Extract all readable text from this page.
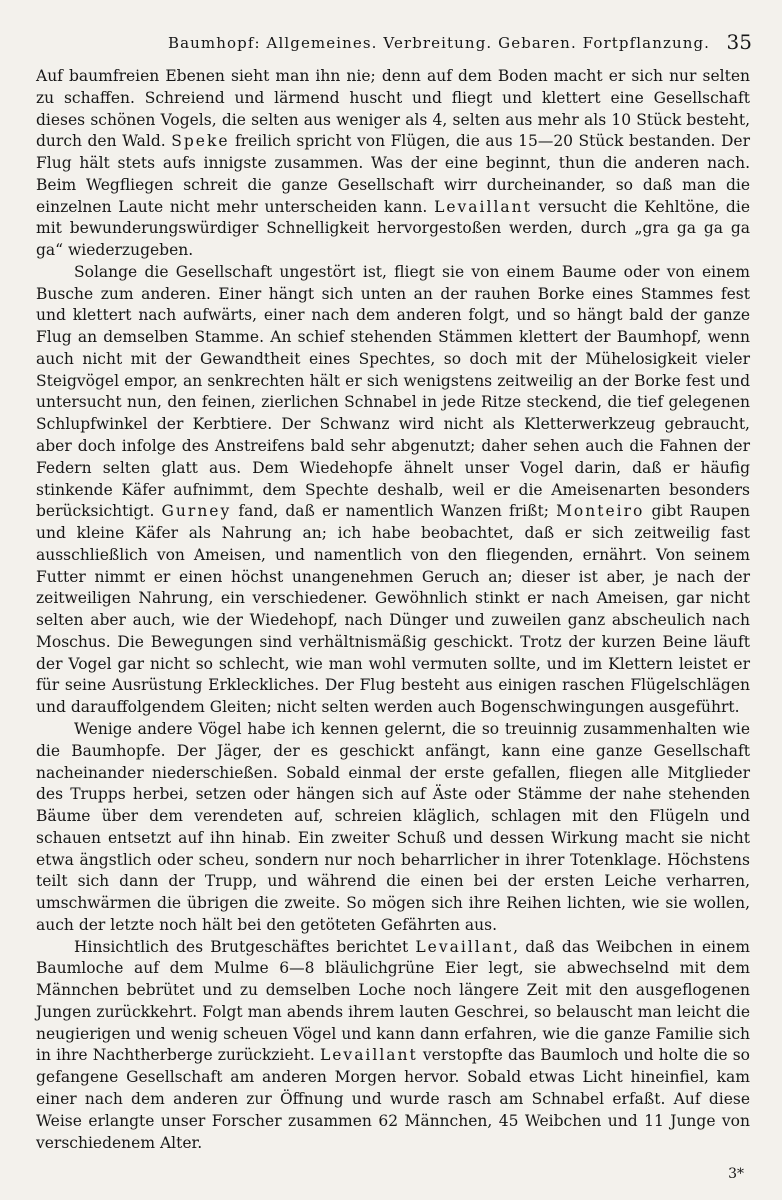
Baumhopf: Allgemeines. Verbreitung. Gebaren. Fortpflanzung. 35

Auf baumfreien Ebenen sieht man ihn nie; denn auf dem Boden macht er sich nur selten zu schaffen. Schreiend und lärmend huscht und fliegt und klettert eine Gesellschaft dieses schönen Vogels, die selten aus weniger als 4, selten aus mehr als 10 Stück besteht, durch den Wald. Speke freilich spricht von Flügen, die aus 15—20 Stück bestanden. Der Flug hält stets aufs innigste zusammen. Was der eine beginnt, thun die anderen nach. Beim Wegfliegen schreit die ganze Gesellschaft wirr durcheinander, so daß man die einzelnen Laute nicht mehr unterscheiden kann. Levaillant versucht die Kehltöne, die mit bewunderungswürdiger Schnelligkeit hervorgestoßen werden, durch „gra ga ga ga ga“ wiederzugeben.

Solange die Gesellschaft ungestört ist, fliegt sie von einem Baume oder von einem Busche zum anderen. Einer hängt sich unten an der rauhen Borke eines Stammes fest und klettert nach aufwärts, einer nach dem anderen folgt, und so hängt bald der ganze Flug an demselben Stamme. An schief stehenden Stämmen klettert der Baumhopf, wenn auch nicht mit der Gewandtheit eines Spechtes, so doch mit der Mühelosigkeit vieler Steigvögel empor, an senkrechten hält er sich wenigstens zeitweilig an der Borke fest und untersucht nun, den feinen, zierlichen Schnabel in jede Ritze steckend, die tief gelegenen Schlupfwinkel der Kerbtiere. Der Schwanz wird nicht als Kletterwerkzeug gebraucht, aber doch infolge des Anstreifens bald sehr abgenutzt; daher sehen auch die Fahnen der Federn selten glatt aus. Dem Wiedehopfe ähnelt unser Vogel darin, daß er häufig stinkende Käfer aufnimmt, dem Spechte deshalb, weil er die Ameisenarten besonders berücksichtigt. Gurney fand, daß er namentlich Wanzen frißt; Monteiro gibt Raupen und kleine Käfer als Nahrung an; ich habe beobachtet, daß er sich zeitweilig fast ausschließlich von Ameisen, und namentlich von den fliegenden, ernährt. Von seinem Futter nimmt er einen höchst unangenehmen Geruch an; dieser ist aber, je nach der zeitweiligen Nahrung, ein verschiedener. Gewöhnlich stinkt er nach Ameisen, gar nicht selten aber auch, wie der Wiedehopf, nach Dünger und zuweilen ganz abscheulich nach Moschus. Die Bewegungen sind verhältnismäßig geschickt. Trotz der kurzen Beine läuft der Vogel gar nicht so schlecht, wie man wohl vermuten sollte, und im Klettern leistet er für seine Ausrüstung Erkleckliches. Der Flug besteht aus einigen raschen Flügelschlägen und darauffolgendem Gleiten; nicht selten werden auch Bogenschwingungen ausgeführt.

Wenige andere Vögel habe ich kennen gelernt, die so treuinnig zusammenhalten wie die Baumhopfe. Der Jäger, der es geschickt anfängt, kann eine ganze Gesellschaft nacheinander niederschießen. Sobald einmal der erste gefallen, fliegen alle Mitglieder des Trupps herbei, setzen oder hängen sich auf Äste oder Stämme der nahe stehenden Bäume über dem verendeten auf, schreien kläglich, schlagen mit den Flügeln und schauen entsetzt auf ihn hinab. Ein zweiter Schuß und dessen Wirkung macht sie nicht etwa ängstlich oder scheu, sondern nur noch beharrlicher in ihrer Totenklage. Höchstens teilt sich dann der Trupp, und während die einen bei der ersten Leiche verharren, umschwärmen die übrigen die zweite. So mögen sich ihre Reihen lichten, wie sie wollen, auch der letzte noch hält bei den getöteten Gefährten aus.

Hinsichtlich des Brutgeschäftes berichtet Levaillant, daß das Weibchen in einem Baumloche auf dem Mulme 6—8 bläulichgrüne Eier legt, sie abwechselnd mit dem Männchen bebrütet und zu demselben Loche noch längere Zeit mit den ausgeflogenen Jungen zurückkehrt. Folgt man abends ihrem lauten Geschrei, so belauscht man leicht die neugierigen und wenig scheuen Vögel und kann dann erfahren, wie die ganze Familie sich in ihre Nachtherberge zurückzieht. Levaillant verstopfte das Baumloch und holte die so gefangene Gesellschaft am anderen Morgen hervor. Sobald etwas Licht hineinfiel, kam einer nach dem anderen zur Öffnung und wurde rasch am Schnabel erfaßt. Auf diese Weise erlangte unser Forscher zusammen 62 Männchen, 45 Weibchen und 11 Junge von verschiedenem Alter.

3*
